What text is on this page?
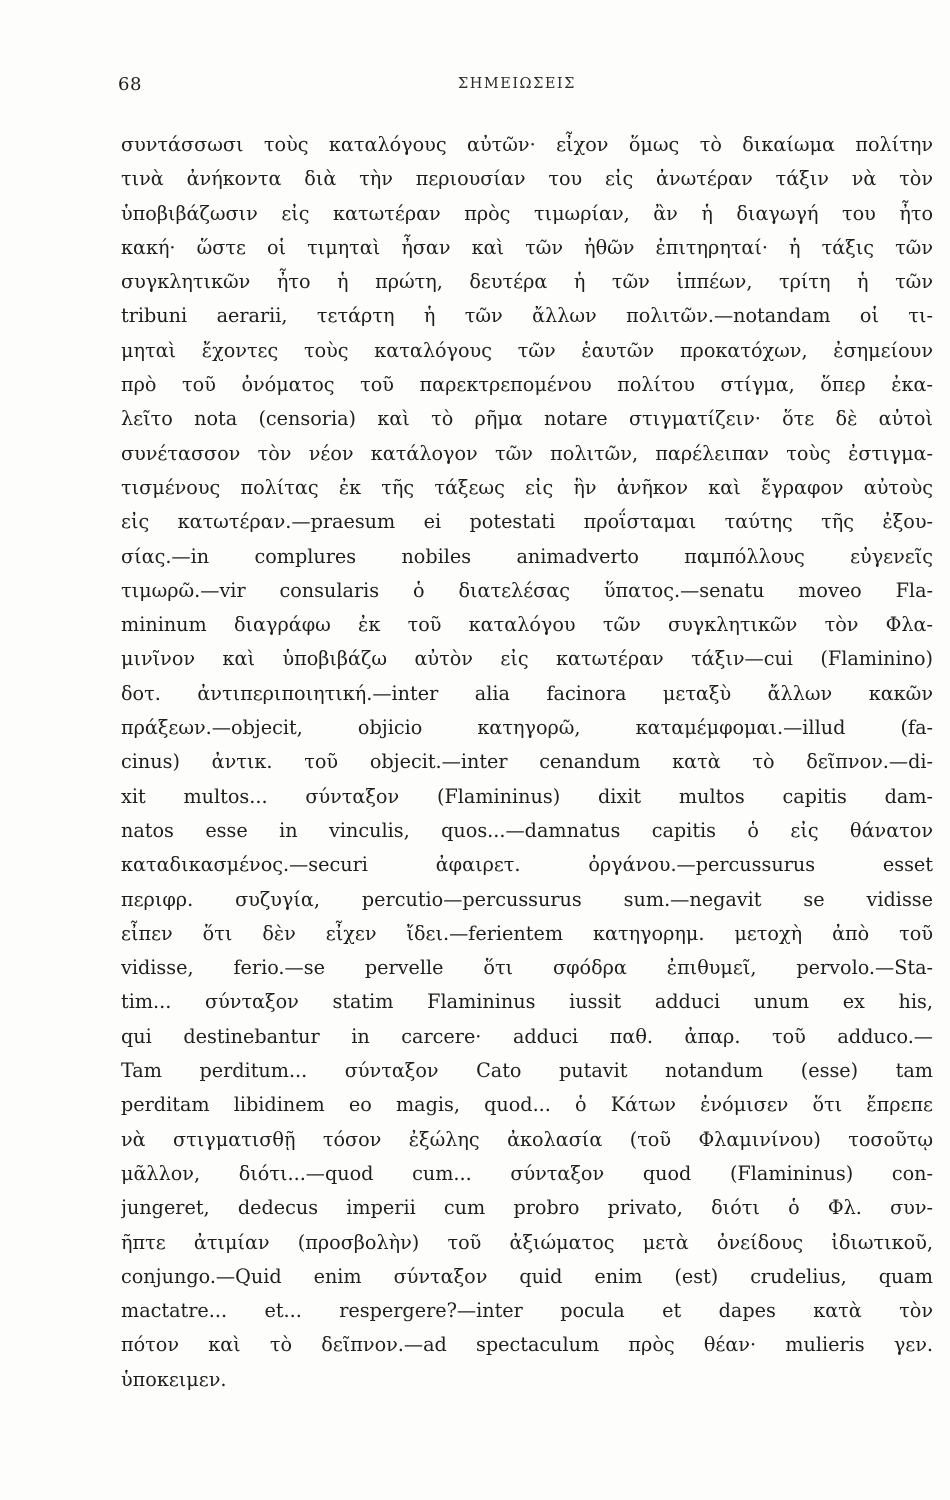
68	ΣΗΜΕΙΩΣΕΙΣ
συντάσσωσι τοὺς καταλόγους αὐτῶν· εἶχον ὅμως τὸ δικαίωμα πολίτην
τινὰ ἀνήκοντα διὰ τὴν περιουσίαν του εἰς ἀνωτέραν τάξιν νὰ τὸν
ὑποβιβάζωσιν εἰς κατωτέραν πρὸς τιμωρίαν, ἂν ἡ διαγωγή του ἦτο
κακή· ὥστε οἱ τιμηταὶ ἦσαν καὶ τῶν ἠθῶν ἐπιτηρηταί· ἡ τάξις τῶν
συγκλητικῶν ἦτο ἡ πρώτη, δευτέρα ἡ τῶν ἱππέων, τρίτη ἡ τῶν
tribuni aerarii, τετάρτη ἡ τῶν ἄλλων πολιτῶν.—notandam οἱ τι-
μηταὶ ἔχοντες τοὺς καταλόγους τῶν ἑαυτῶν προκατόχων, ἐσημείουν
πρὸ τοῦ ὀνόματος τοῦ παρεκτρεπομένου πολίτου στίγμα, ὅπερ ἐκα-
λεῖτο nota (censoria) καὶ τὸ ρῆμα notare στιγματίζειν· ὅτε δὲ αὐτοὶ
συνέτασσον τὸν νέον κατάλογον τῶν πολιτῶν, παρέλειπαν τοὺς ἐστιγμα-
τισμένους πολίτας ἐκ τῆς τάξεως εἰς ἣν ἀνῆκον καὶ ἔγραφον αὐτοὺς
εἰς κατωτέραν.—praesum ei potestati προΐσταμαι ταύτης τῆς ἐξου-
σίας.—in complures nobiles animadverto παμπόλλους εὐγενεῖς
τιμωρῶ.—vir consularis ὁ διατελέσας ὕπατος.—senatu moveo Fla-
mininum διαγράφω ἐκ τοῦ καταλόγου τῶν συγκλητικῶν τὸν Φλα-
μινῖνον καὶ ὑποβιβάζω αὐτὸν εἰς κατωτέραν τάξιν—cui (Flaminino)
δοτ. ἀντιπεριποιητική.—inter alia facinora μεταξὺ ἄλλων κακῶν
πράξεων.—objecit, objicio κατηγορῶ, καταμέμφομαι.—illud (fa-
cinus) ἀντικ. τοῦ objecit.—inter cenandum κατὰ τὸ δεῖπνον.—di-
xit multos... σύνταξον (Flamininus) dixit multos capitis dam-
natos esse in vinculis, quos...—damnatus capitis ὁ εἰς θάνατον
καταδικασμένος.—securi ἀφαιρετ. ὀργάνου.—percussurus esset
περιφρ. συζυγία, percutio—percussurus sum.—negavit se vidisse
εἶπεν ὅτι δὲν εἶχεν ἴδει.—ferientem κατηγορημ. μετοχὴ ἀπὸ τοῦ
vidisse, ferio.—se pervelle ὅτι σφόδρα ἐπιθυμεῖ, pervolo.—Sta-
tim... σύνταξον statim Flamininus iussit adduci unum ex his,
qui destinebantur in carcere· adduci παθ. ἀπαρ. τοῦ adduco.—
Tam perditum... σύνταξον Cato putavit notandum (esse) tam
perditam libidinem eo magis, quod... ὁ Κάτων ἐνόμισεν ὅτι ἔπρεπε
νὰ στιγματισθῇ τόσον ἐξώλης ἀκολασία (τοῦ Φλαμινίνου) τοσοῦτῳ
μᾶλλον, διότι...—quod cum... σύνταξον quod (Flamininus) con-
jungeret, dedecus imperii cum probro privato, διότι ὁ Φλ. συν-
ῆπτε ἀτιμίαν (προσβολὴν) τοῦ ἀξιώματος μετὰ ὀνείδους ἰδιωτικοῦ,
conjungo.—Quid enim σύνταξον quid enim (est) crudelius, quam
mactatre... et... respergere?—inter pocula et dapes κατὰ τὸν
πότον καὶ τὸ δεῖπνον.—ad spectaculum πρὸς θέαν· mulieris γεν.
ὑποκειμεν.
